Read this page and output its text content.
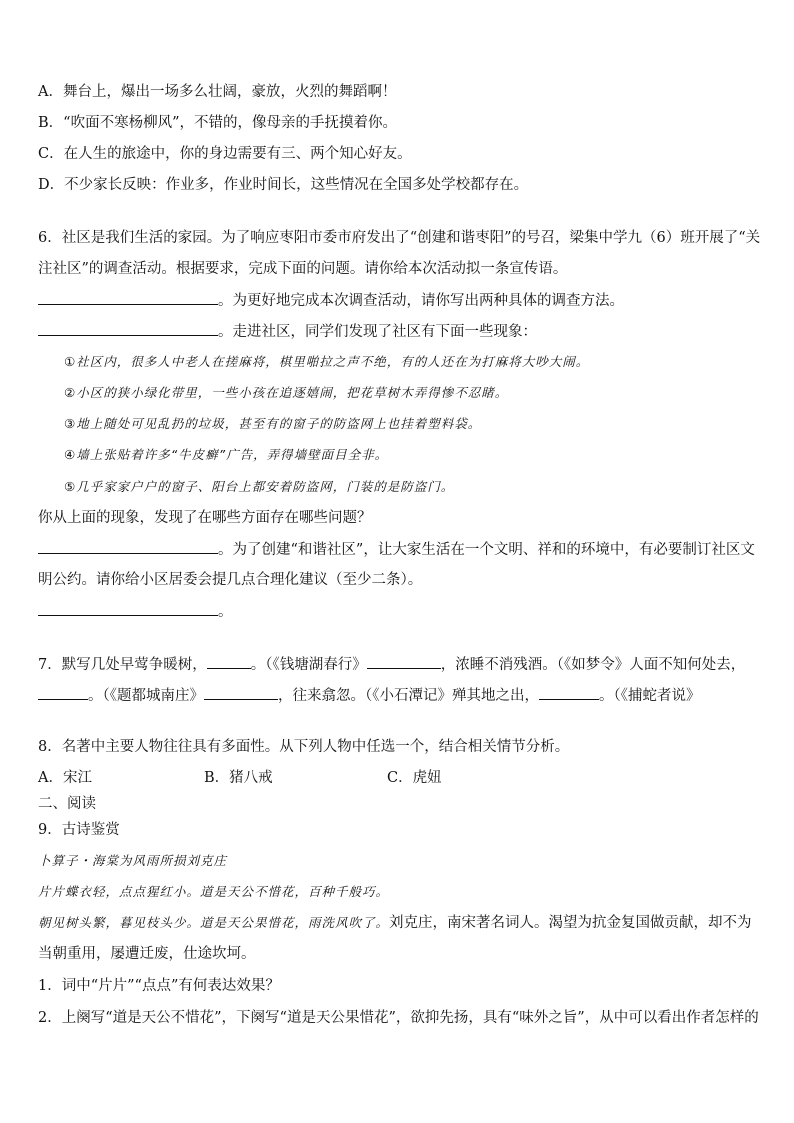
A．舞台上，爆出一场多么壮阔，豪放，火烈的舞蹈啊！
B．“吹面不寒杨柳风”，不错的，像母亲的手抚摸着你。
C．在人生的旅途中，你的身边需要有三、两个知心好友。
D．不少家长反映：作业多，作业时间长，这些情况在全国多处学校都存在。
6．社区是我们生活的家园。为了响应枣阳市委市府发出了“创建和谐枣阳”的号召，梁集中学九（6）班开展了“关
注社区”的调查活动。根据要求，完成下面的问题。请你给本次活动拟一条宣传语。
。为更好地完成本次调查活动，请你写出两种具体的调查方法。
。走进社区，同学们发现了社区有下面一些现象：
①社区内，很多人中老人在搓麻将，棋里啪拉之声不绝，有的人还在为打麻将大吵大闹。
②小区的狭小绿化带里，一些小孩在追逐嬉闹，把花草树木弄得惨不忍睹。
③地上随处可见乱扔的垃圾，甚至有的窗子的防盗网上也挂着塑料袋。
④墙上张贴着许多“牛皮癣”广告，弄得墙壁面目全非。
⑤几乎家家户户的窗子、阳台上都安着防盗网，门装的是防盗门。
你从上面的现象，发现了在哪些方面存在哪些问题？
。为了创建“和谐社区”，让大家生活在一个文明、祥和的环境中，有必要制订社区文
明公约。请你给小区居委会提几点合理化建议（至少二条）。
。
7．默写几处早莺争暖树，	。（《钱塘湖春行》	，浓睡不消残酒。（《如梦令》人面不知何处去，
。（《题都城南庄》	，往来翕忽。（《小石潭记》殚其地之出，	。（《捕蛇者说》
8．名著中主要人物往往具有多面性。从下列人物中任选一个，结合相关情节分析。
A．宋江	B．猪八戒	C．虎妞
二、阅读
9．古诗鉴赏
卜算子・海棠为风雨所损刘克庄
片片蝶衣轻，点点猩红小。道是天公不惜花，百种千般巧。
朝见树头繁，暮见枝头少。道是天公果惜花，雨洗风吹了。刘克庄，南宋著名词人。渴望为抗金复国做贡献，却不为
当朝重用，屡遭迁废，仕途坎坷。
1．词中“片片”“点点”有何表达效果？
2．上阕写“道是天公不惜花”，下阕写“道是天公果惜花”，欲抑先扬，具有“味外之旨”，从中可以看出作者怎样的
